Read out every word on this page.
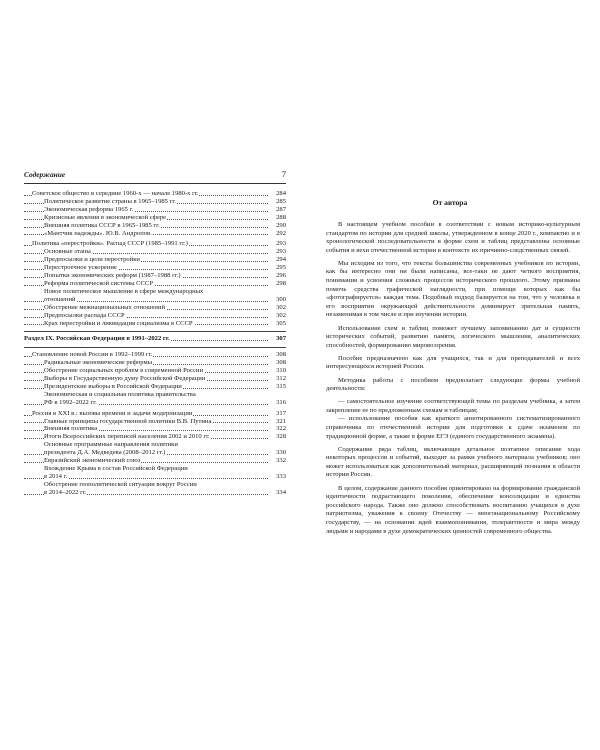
Содержание	7
Советское общество в середине 1960-х — начале 1980-х гг.	284
Политическое развитие страны в 1965–1985 гг.	285
Экономическая реформа 1965 г.	287
Кризисные явления в экономической сфере	288
Внешняя политика СССР в 1965–1985 гг.	290
«Мантчик надежды». Ю.В. Андропов.	292
Политика «перестройки». Распад СССР (1985–1991 гг.)	293
Основные этапы	293
Предпосылки и цели перестройки	294
Перестроечное ускорение	295
Попытки экономических реформ (1987–1988 гг.)	296
Реформа политической системы СССР	298
Новое политическое мышление в сфере международных
отношений	300
Обострение межнациональных отношений	302
Предпосылки распада СССР	302
Крах перестройки и ликвидация социализма в СССР	305
Раздел IX. Российская Федерация в 1991–2022 гг.	307
Становление новой России в 1992–1999 гг.	308
Радикальные экономические реформы	308
Обострение социальных проблем в современной России	310
Выборы в Государственную думу Российской Федерации	312
Президентские выборы в Российской Федерации	315
Экономическая и социальная политика правительства
РФ в 1992–2022 гг.	316
Россия в XXI в.: вызовы времени и задачи модернизации	317
Главные принципы государственной политики В.В. Путина	321
Внешняя политика	322
Итоги Всероссийских переписей населения 2002 и 2010 гг.	328
Основные программные направления политики
президента Д.А. Медведева (2008–2012 гг.)	330
Евразийский экономический союз	332
Вхождение Крыма в состав Российской Федерации
в 2014 г.	333
Обострение геополитической ситуации вокруг России
в 2014–2022 гг.	334
От автора

В настоящем учебном пособии в соответствии с новым историко-культурным стандартом по истории для средней школы, утвержденном в конце 2020 г., компактно и в хронологической последовательности в форме схем и таблиц представлены основные события и вехи отечественной истории в контексте их причинно-следственных связей.

Мы исходим из того, что тексты большинства современных учебников по истории, как бы интересно они ни были написаны, все-таки не дают четкого восприятия, понимания и усвоения сложных процессов исторического прошлого. Этому призваны помочь средства графической наглядности, при помощи которых как бы «фотографируется» каждая тема. Подобный подход базируется на том, что у человека в его восприятии окружающей действительности доминирует зрительная память, незаменимая в том числе и при изучении истории.

Использование схем и таблиц поможет лучшему запоминанию дат и сущности исторических событий, развитию памяти, логического мышления, аналитических способностей, формированию мировоззрения.

Пособие предназначено как для учащихся, так и для преподавателей и всех интересующихся историей России.

Методика работы с пособием предполагает следующие формы учебной деятельности:

— самостоятельное изучение соответствующей темы по разделам учебника, а затем закрепление ее по предложенным схемам и таблицам;

— использование пособия как краткого аннотированного систематизированного справочника по отечественной истории для подготовки к сдаче экзаменов по традиционной форме, а также в форме ЕГЭ (единого государственного экзамена).

Содержание ряда таблиц, включающее детальное поэтапное описание хода некоторых процессов и событий, выходит за рамки учебного материала учебников; оно может использоваться как дополнительный материал, расширяющий познания в области истории России.

В целом, содержание данного пособия ориентировано на формирование гражданской идентичности подрастающего поколения, обеспечение консолидации и единства российского народа. Также оно должно способствовать воспитанию учащихся в духе патриотизма, уважения к своему Отечеству — многонациональному Российскому государству, — на основании идей взаимопонимания, толерантности и мира между людьми и народами в духе демократических ценностей современного общества.
